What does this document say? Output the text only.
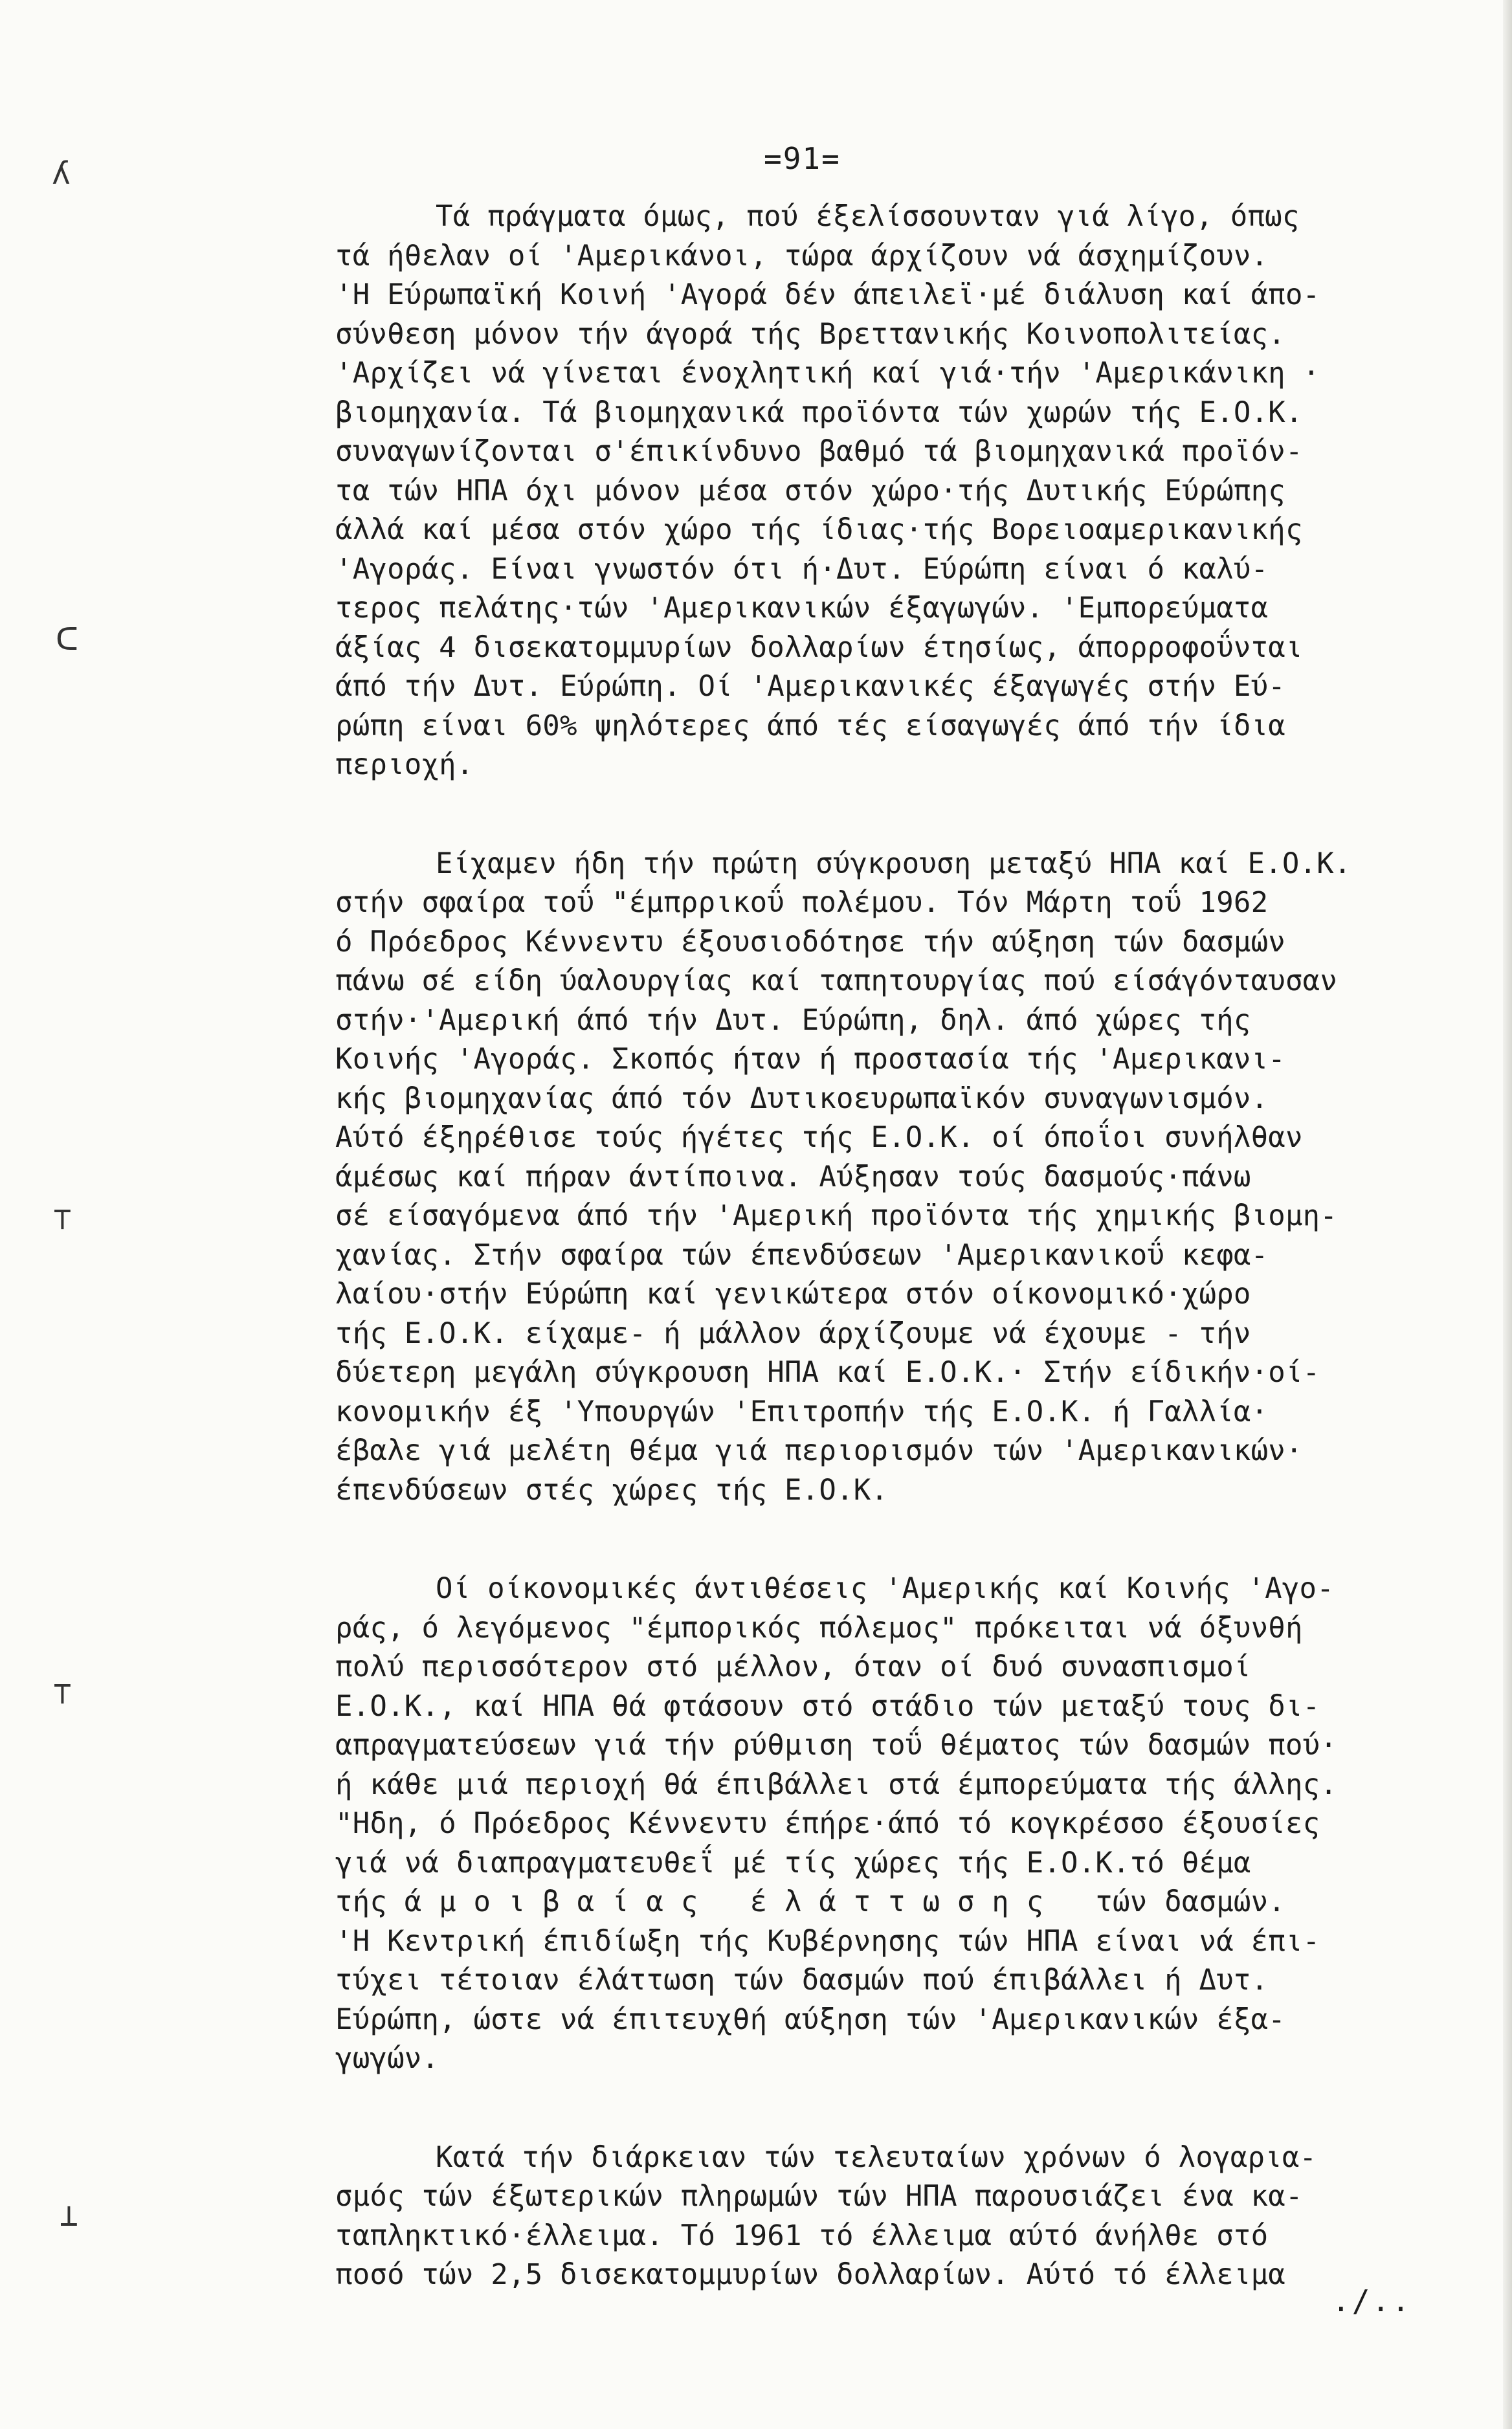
ʎ
ᑕ
⊤
⊤
⊥
=91=
Τά πράγματα όμως, πού έξελίσσουνταν γιά λίγο, όπως
τά ήθελαν οί 'Αμερικάνοι, τώρα άρχίζουν νά άσχημίζουν.
'Η Εύρωπαϊκή Κοινή 'Αγορά δέν άπειλεϊ·μέ διάλυση καί άπο-
σύνθεση μόνον τήν άγορά τής Βρεττανικής Κοινοπολιτείας.
'Αρχίζει νά γίνεται ένοχλητική καί γιά·τήν 'Αμερικάνικη ·
βιομηχανία. Τά βιομηχανικά προϊόντα τών χωρών τής Ε.Ο.Κ.
συναγωνίζονται σ'έπικίνδυνο βαθμό τά βιομηχανικά προϊόν-
τα τών ΗΠΑ όχι μόνον μέσα στόν χώρο·τής Δυτικής Εύρώπης
άλλά καί μέσα στόν χώρο τής ίδιας·τής Βορειοαμερικανικής
'Αγοράς. Είναι γνωστόν ότι ή·Δυτ. Εύρώπη είναι ό καλύ-
τερος πελάτης·τών 'Αμερικανικών έξαγωγών. 'Εμπορεύματα
άξίας 4 δισεκατομμυρίων δολλαρίων έτησίως, άπορροφοΰνται
άπό τήν Δυτ. Εύρώπη. Οί 'Αμερικανικές έξαγωγές στήν Εύ-
ρώπη είναι 60% ψηλότερες άπό τές είσαγωγές άπό τήν ίδια
περιοχή.
Είχαμεν ήδη τήν πρώτη σύγκρουση μεταξύ ΗΠΑ καί Ε.Ο.Κ.
στήν σφαίρα τοΰ "έμπρρικοΰ πολέμου. Τόν Μάρτη τοΰ 1962
ό Πρόεδρος Κέννεντυ έξουσιοδότησε τήν αύξηση τών δασμών
πάνω σέ είδη ύαλουργίας καί ταπητουργίας πού είσάγόνταυσαν
στήν·'Αμερική άπό τήν Δυτ. Εύρώπη, δηλ. άπό χώρες τής
Κοινής 'Αγοράς. Σκοπός ήταν ή προστασία τής 'Αμερικανι-
κής βιομηχανίας άπό τόν Δυτικοευρωπαϊκόν συναγωνισμόν.
Αύτό έξηρέθισε τούς ήγέτες τής Ε.Ο.Κ. οί όποΐοι συνήλθαν
άμέσως καί πήραν άντίποινα. Αύξησαν τούς δασμούς·πάνω
σέ είσαγόμενα άπό τήν 'Αμερική προϊόντα τής χημικής βιομη-
χανίας. Στήν σφαίρα τών έπενδύσεων 'Αμερικανικοΰ κεφα-
λαίου·στήν Εύρώπη καί γενικώτερα στόν οίκονομικό·χώρο
τής Ε.Ο.Κ. είχαμε- ή μάλλον άρχίζουμε νά έχουμε - τήν
δύετερη μεγάλη σύγκρουση ΗΠΑ καί Ε.Ο.Κ.· Στήν είδικήν·οί-
κονομικήν έξ 'Υπουργών 'Επιτροπήν τής Ε.Ο.Κ. ή Γαλλία·
έβαλε γιά μελέτη θέμα γιά περιορισμόν τών 'Αμερικανικών·
έπενδύσεων στές χώρες τής Ε.Ο.Κ.
Οί οίκονομικές άντιθέσεις 'Αμερικής καί Κοινής 'Αγο-
ράς, ό λεγόμενος "έμπορικός πόλεμος" πρόκειται νά όξυνθή
πολύ περισσότερον στό μέλλον, όταν οί δυό συνασπισμοί
Ε.Ο.Κ., καί ΗΠΑ θά φτάσουν στό στάδιο τών μεταξύ τους δι-
απραγματεύσεων γιά τήν ρύθμιση τοΰ θέματος τών δασμών πού·
ή κάθε μιά περιοχή θά έπιβάλλει στά έμπορεύματα τής άλλης.
"Ηδη, ό Πρόεδρος Κέννεντυ έπήρε·άπό τό κογκρέσσο έξουσίες
γιά νά διαπραγματευθεΐ μέ τίς χώρες τής Ε.Ο.Κ.τό θέμα
τής ά μ ο ι β α ί α ς   έ λ ά τ τ ω σ η ς   τών δασμών.
'Η Κεντρική έπιδίωξη τής Κυβέρνησης τών ΗΠΑ είναι νά έπι-
τύχει τέτοιαν έλάττωση τών δασμών πού έπιβάλλει ή Δυτ.
Εύρώπη, ώστε νά έπιτευχθή αύξηση τών 'Αμερικανικών έξα-
γωγών.
Κατά τήν διάρκειαν τών τελευταίων χρόνων ό λογαρια-
σμός τών έξωτερικών πληρωμών τών ΗΠΑ παρουσιάζει ένα κα-
ταπληκτικό·έλλειμα. Τό 1961 τό έλλειμα αύτό άνήλθε στό
ποσό τών 2,5 δισεκατομμυρίων δολλαρίων. Αύτό τό έλλειμα
./..
